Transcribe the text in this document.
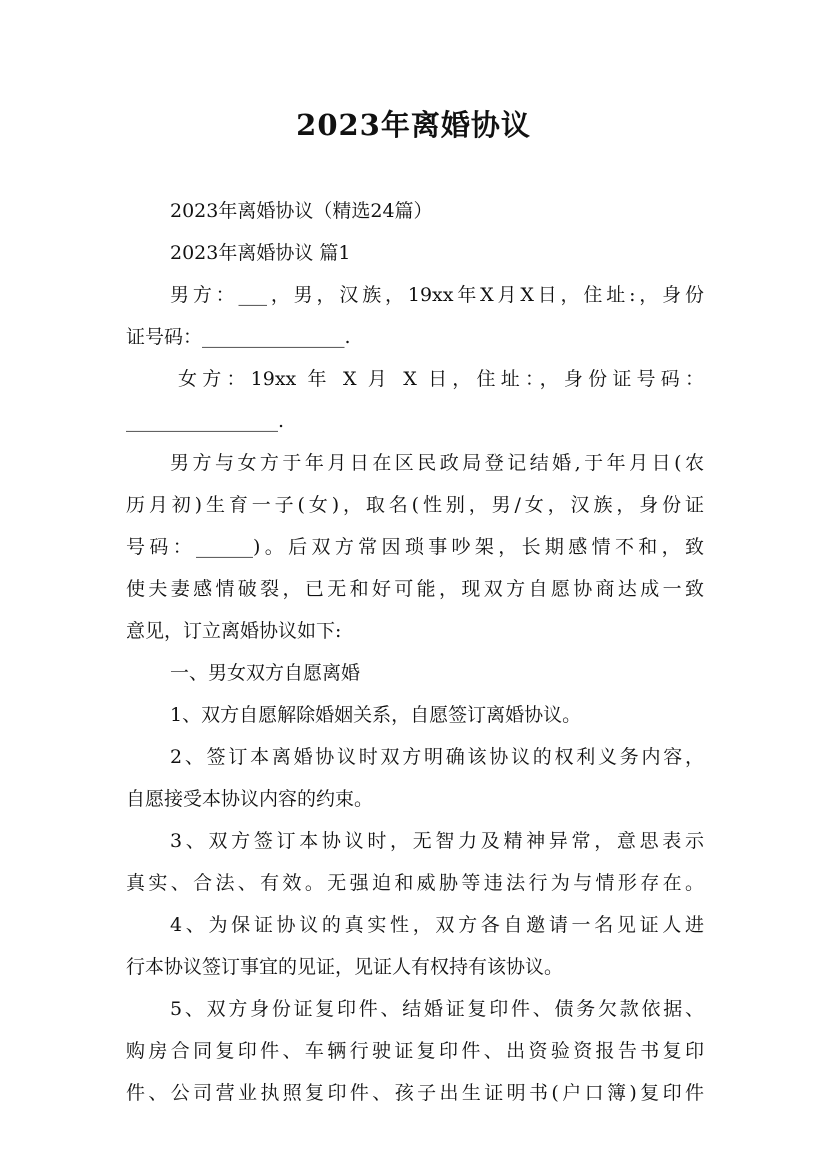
2023年离婚协议
2023年离婚协议（精选24篇）
2023年离婚协议 篇1
男方：___，男，汉族，19xx年X月X日，住址:，身份
证号码：_______________.
女方：19xx 年 X 月 X 日，住址：，身份证号码：
________________.
男方与女方于年月日在区民政局登记结婚,于年月日(农
历月初)生育一子(女)，取名(性别，男/女，汉族，身份证
号码：______)。后双方常因琐事吵架，长期感情不和，致
使夫妻感情破裂，已无和好可能，现双方自愿协商达成一致
意见，订立离婚协议如下:
一、男女双方自愿离婚
1、双方自愿解除婚姻关系，自愿签订离婚协议。
2、签订本离婚协议时双方明确该协议的权利义务内容，
自愿接受本协议内容的约束。
3、双方签订本协议时，无智力及精神异常，意思表示
真实、合法、有效。无强迫和威胁等违法行为与情形存在。
4、为保证协议的真实性，双方各自邀请一名见证人进
行本协议签订事宜的见证，见证人有权持有该协议。
5、双方身份证复印件、结婚证复印件、债务欠款依据、
购房合同复印件、车辆行驶证复印件、出资验资报告书复印
件、公司营业执照复印件、孩子出生证明书(户口簿)复印件
